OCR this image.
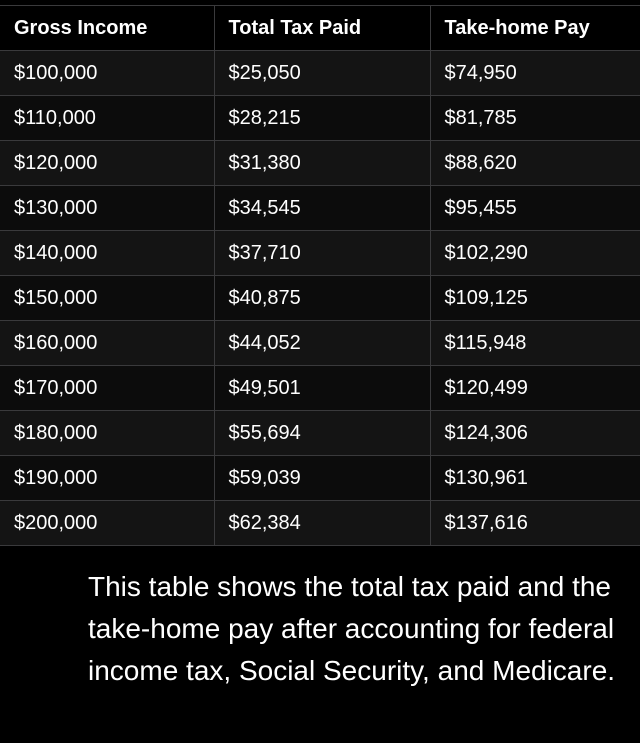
Gross Income	Total Tax Paid	Take-home Pay
$100,000	$25,050	$74,950
$110,000	$28,215	$81,785
$120,000	$31,380	$88,620
$130,000	$34,545	$95,455
$140,000	$37,710	$102,290
$150,000	$40,875	$109,125
$160,000	$44,052	$115,948
$170,000	$49,501	$120,499
$180,000	$55,694	$124,306
$190,000	$59,039	$130,961
$200,000	$62,384	$137,616

This table shows the total tax paid and the take-home pay after accounting for federal income tax, Social Security, and Medicare.
